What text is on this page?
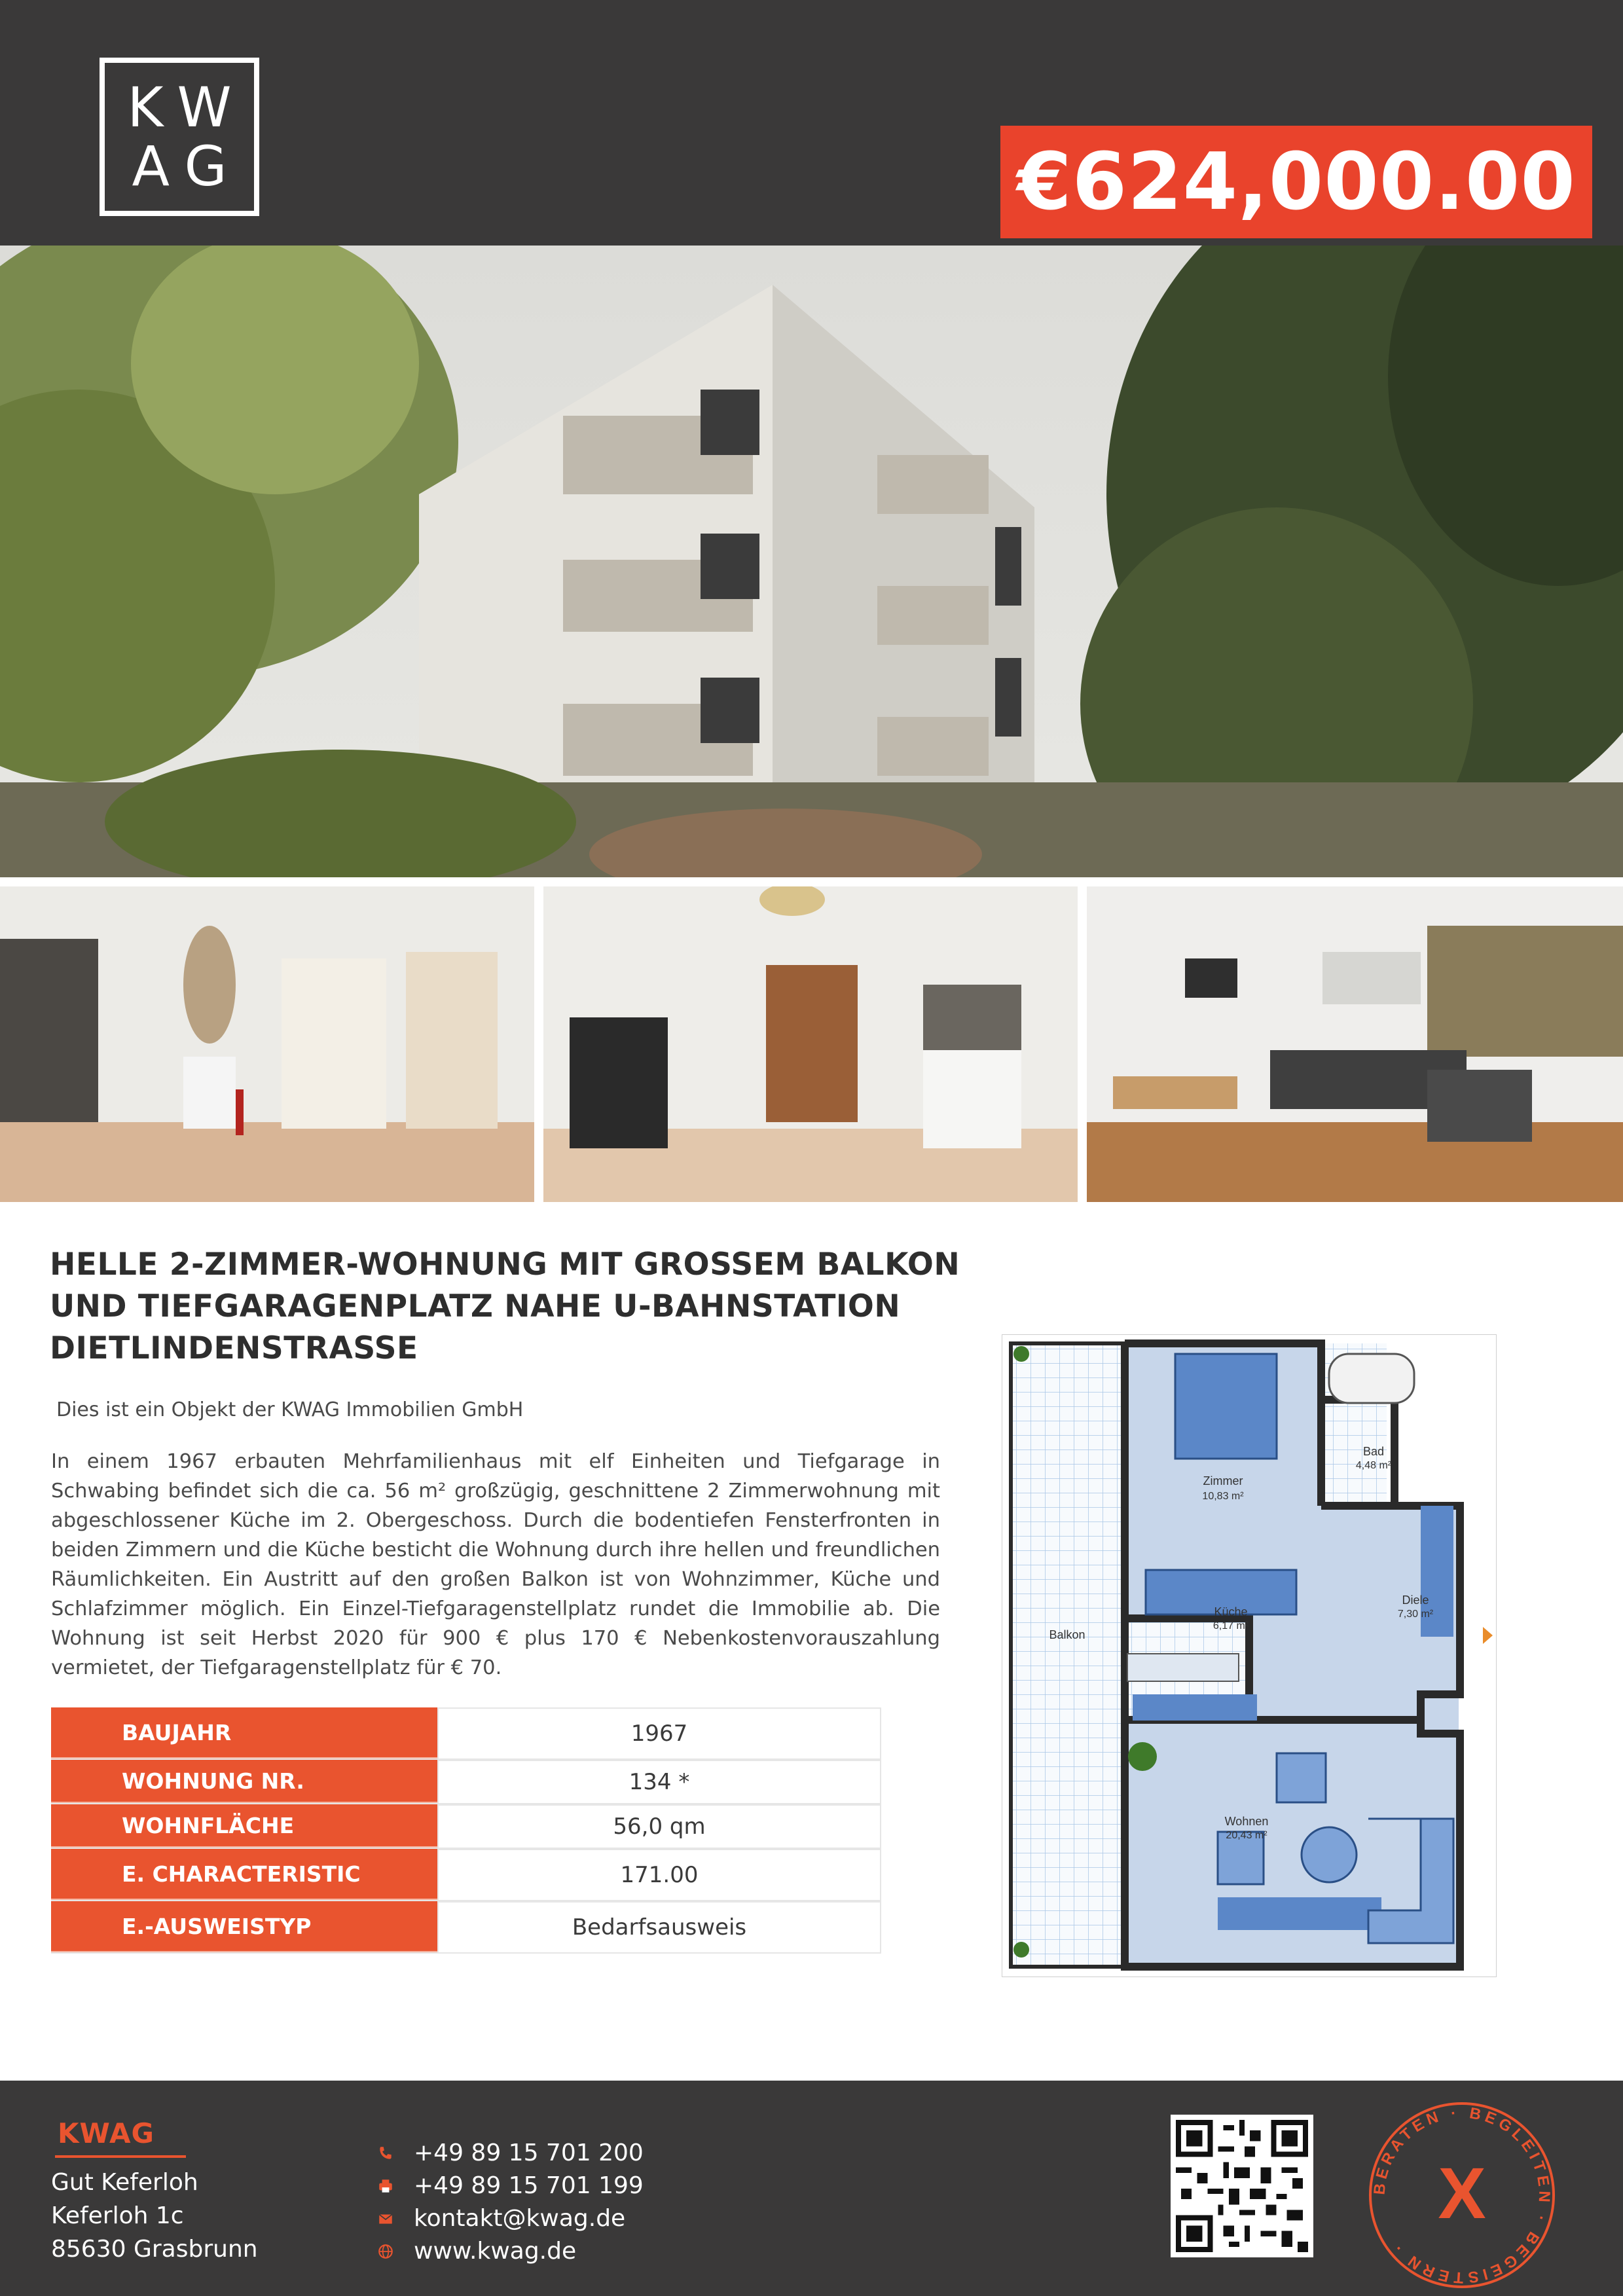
KW
AG	€624,000.00
HELLE 2-ZIMMER-WOHNUNG MIT GROSSEM BALKON
UND TIEFGARAGENPLATZ NAHE U-BAHNSTATION
DIETLINDENSTRASSE
Dies ist ein Objekt der KWAG Immobilien GmbH
In einem 1967 erbauten Mehrfamilienhaus mit elf Einheiten und Tiefgarage in Schwabing befindet sich die ca. 56 m² großzügig, geschnittene 2 Zimmerwohnung mit abgeschlossener Küche im 2. Obergeschoss. Durch die bodentiefen Fensterfronten in beiden Zimmern und die Küche besticht die Wohnung durch ihre hellen und freundlichen Räumlichkeiten. Ein Austritt auf den großen Balkon ist von Wohnzimmer, Küche und Schlafzimmer möglich. Ein Einzel-Tiefgaragenstellplatz rundet die Immobilie ab. Die Wohnung ist seit Herbst 2020 für 900 € plus 170 € Nebenkostenvorauszahlung vermietet, der Tiefgaragenstellplatz für € 70.
BAUJAHR	1967
WOHNUNG NR.	134 *
WOHNFLÄCHE	56,0 qm
E. CHARACTERISTIC	171.00
E.-AUSWEISTYP	Bedarfsausweis
Zimmer
10,83 m²
Bad
4,48 m²
Küche
6,17 m²
Diele
7,30 m²
Wohnen
20,43 m²
Balkon
KWAG
Gut Keferloh
Keferloh 1c
85630 Grasbrunn
+49 89 15 701 200
+49 89 15 701 199
kontakt@kwag.de
www.kwag.de
BERATEN · BEGLEITEN · BEGEISTERN ·
X
